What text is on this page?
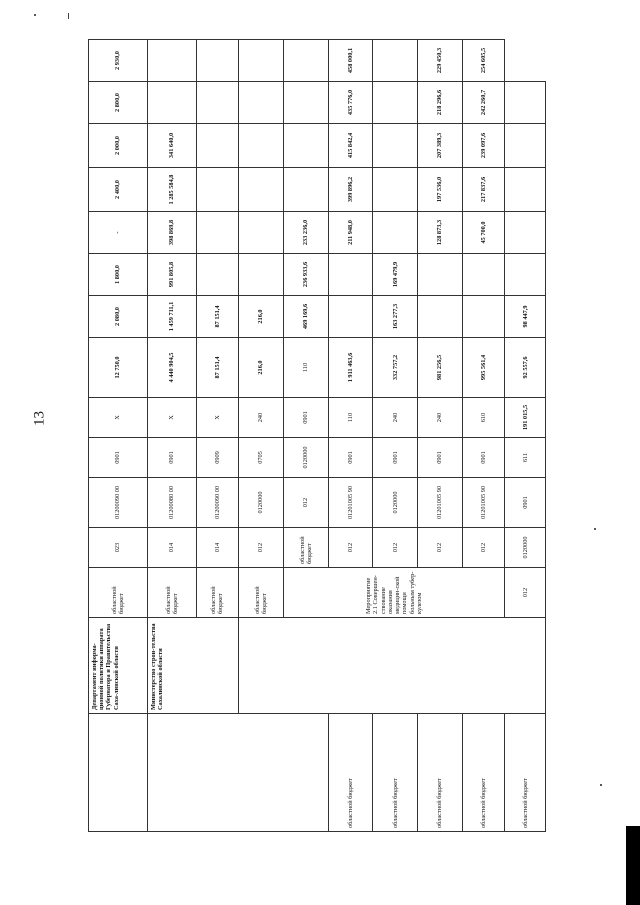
13
	Департамент информа-ционной политики аппарата Губернатора и Правительства Саха-линской области	областной бюджет	023	01200090 00	0901	X	12 750,0	2 080,0	1 800,0	-	2 400,0	2 000,0	2 800,0	2 930,0	
	Министерство строи-тельства Сахалинской области	областной бюджет	014	01200080 00	0901	X	4 440 904,5	1 459 711,1	991 805,8	398 869,8	1 285 584,8	341 640,0			
		областной бюджет	014	01200090 00	0909	X	87 151,4	87 151,4							
		областной бюджет	012	0120000	0705	240	216,0	216,0							
		Мероприятие 2.1 Совершен-ствование оказания медицин-ской помощи больным тубер-кулезом	областной бюджет	012	0120000	0901	110	469 169,6	236 933,6	233 236,0					
областной бюджет			012	01201005 90	0901	110	1 911 463,6			211 948,0	399 896,2	415 842,4	435 776,0	458 000,1	
областной бюджет			012	0120000	0901	240	332 757,2	163 277,3	169 479,9						
областной бюджет			012	01201005 90	0901	240	981 256,5			128 873,3	197 536,0	207 389,3	218 296,6	229 450,3	
областной бюджет			012	01201005 90	0901	610	995 561,4			45 700,0	217 837,6	239 097,6	242 260,7	254 605,5	
областной бюджет		012	0120000	0901	611	191 015,5	92 557,6	98 447,9							
